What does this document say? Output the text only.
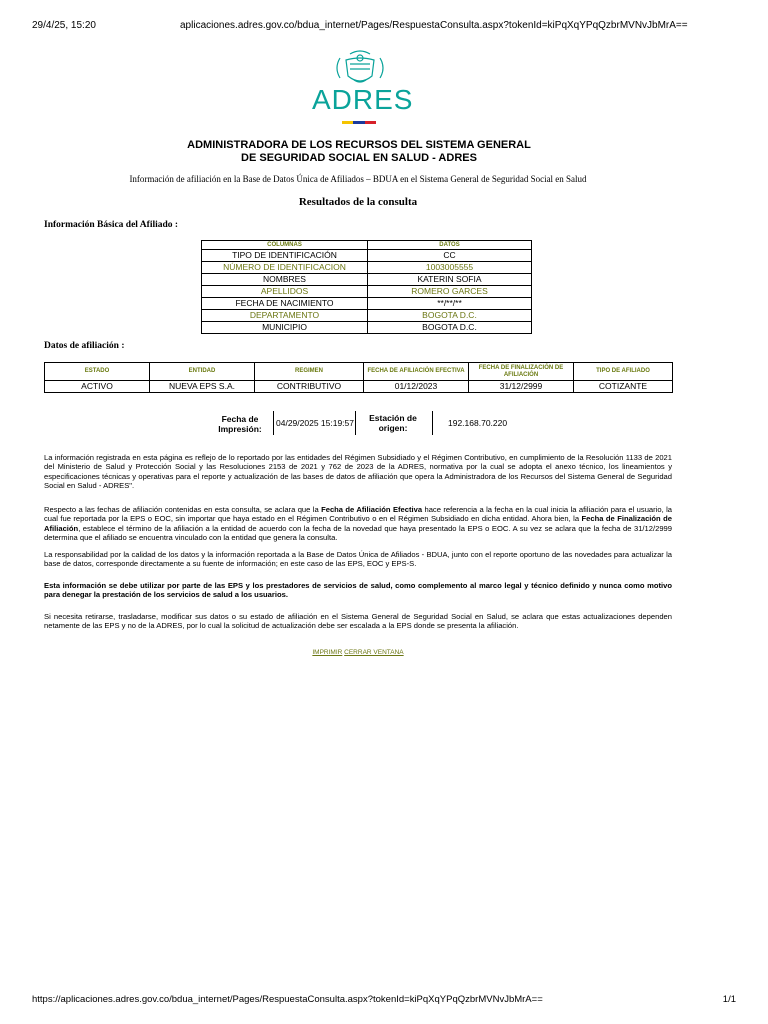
29/4/25, 15:20	aplicaciones.adres.gov.co/bdua_internet/Pages/RespuestaConsulta.aspx?tokenId=kiPqXqYPqQzbrMVNvJbMrA==
ADRES
ADMINISTRADORA DE LOS RECURSOS DEL SISTEMA GENERAL
DE SEGURIDAD SOCIAL EN SALUD - ADRES
Información de afiliación en la Base de Datos Única de Afiliados – BDUA en el Sistema General de Seguridad Social en Salud
Resultados de la consulta
Información Básica del Afiliado :
COLUMNAS	DATOS
TIPO DE IDENTIFICACIÓN	CC
NÚMERO DE IDENTIFICACION	1003005555
NOMBRES	KATERIN SOFIA
APELLIDOS	ROMERO GARCES
FECHA DE NACIMIENTO	**/**/**
DEPARTAMENTO	BOGOTA D.C.
MUNICIPIO	BOGOTA D.C.
Datos de afiliación :
ESTADO	ENTIDAD	REGIMEN	FECHA DE AFILIACIÓN EFECTIVA	FECHA DE FINALIZACIÓN DE AFILIACIÓN	TIPO DE AFILIADO
ACTIVO	NUEVA EPS S.A.	CONTRIBUTIVO	01/12/2023	31/12/2999	COTIZANTE
Fecha de Impresión:
04/29/2025 15:19:57	Estación de origen:	192.168.70.220
La información registrada en esta página es reflejo de lo reportado por las entidades del Régimen Subsidiado y el Régimen Contributivo, en cumplimiento de la Resolución 1133 de 2021 del Ministerio de Salud y Protección Social y las Resoluciones 2153 de 2021 y 762 de 2023 de la ADRES, normativa por la cual se adopta el anexo técnico, los lineamientos y especificaciones técnicas y operativas para el reporte y actualización de las bases de datos de afiliación que opera la Administradora de los Recursos del Sistema General de Seguridad Social en Salud - ADRES".
Respecto a las fechas de afiliación contenidas en esta consulta, se aclara que la Fecha de Afiliación Efectiva hace referencia a la fecha en la cual inicia la afiliación para el usuario, la cual fue reportada por la EPS o EOC, sin importar que haya estado en el Régimen Contributivo o en el Régimen Subsidiado en dicha entidad. Ahora bien, la Fecha de Finalización de Afiliación, establece el término de la afiliación a la entidad de acuerdo con la fecha de la novedad que haya presentado la EPS o EOC. A su vez se aclara que la fecha de 31/12/2999 determina que el afiliado se encuentra vinculado con la entidad que genera la consulta.
La responsabilidad por la calidad de los datos y la información reportada a la Base de Datos Única de Afiliados - BDUA, junto con el reporte oportuno de las novedades para actualizar la base de datos, corresponde directamente a su fuente de información; en este caso de las EPS, EOC y EPS-S.
Esta información se debe utilizar por parte de las EPS y los prestadores de servicios de salud, como complemento al marco legal y técnico definido y nunca como motivo para denegar la prestación de los servicios de salud a los usuarios.
Si necesita retirarse, trasladarse, modificar sus datos o su estado de afiliación en el Sistema General de Seguridad Social en Salud, se aclara que estas actualizaciones dependen netamente de las EPS y no de la ADRES, por lo cual la solicitud de actualización debe ser escalada a la EPS donde se presenta la afiliación.
IMPRIMIR CERRAR VENTANA
https://aplicaciones.adres.gov.co/bdua_internet/Pages/RespuestaConsulta.aspx?tokenId=kiPqXqYPqQzbrMVNvJbMrA==	1/1
